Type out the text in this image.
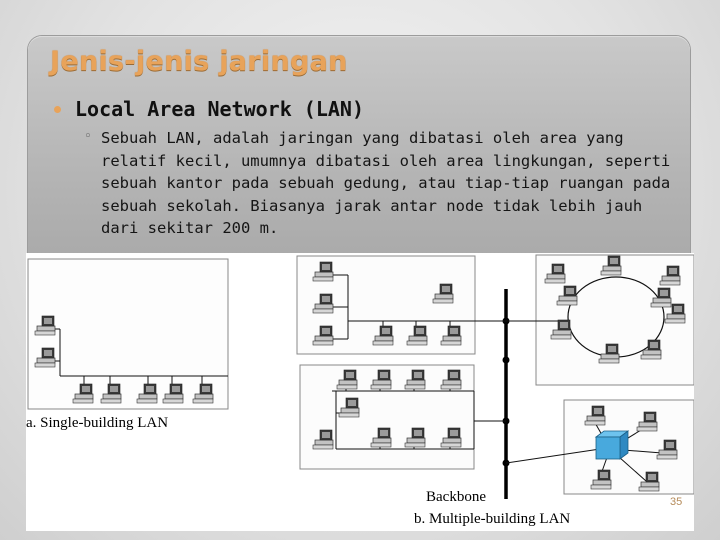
Jenis-jenis jaringan
Local Area Network (LAN)
◦ Sebuah LAN, adalah jaringan yang dibatasi oleh area yang relatif kecil, umumnya dibatasi oleh area lingkungan, seperti sebuah kantor pada sebuah gedung, atau tiap-tiap ruangan pada sebuah sekolah. Biasanya jarak antar node tidak lebih jauh dari sekitar 200 m.
a. Single-building LAN
Backbone
b. Multiple-building LAN
35
